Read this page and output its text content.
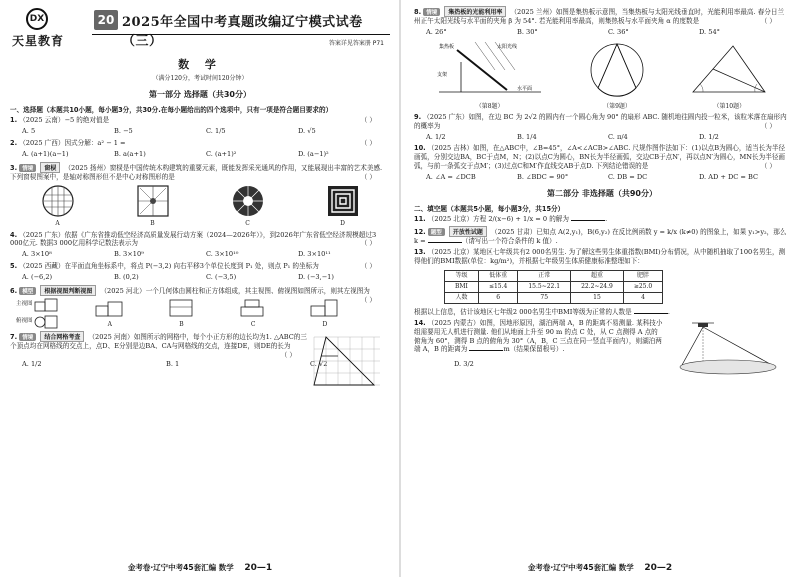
DX
天星教育
20 2025年全国中考真题改编辽宁模式试卷（三）	答案详见答案册 P71
数 学
（满分120分，考试时间120分钟）
第一部分 选择题（共30分）
一、选择题（本题共10小题，每小题3分，共30分.在每小题给出的四个选项中，只有一项是符合题目要求的）
1. （2025 云南）−5 的绝对值是	（ ）
A. 5	B. −5	C. 1/5	D. √5
2. （2025 广西）因式分解：a² − 1 =	（ ）
A. (a+1)(a−1)	B. a(a+1)	C. (a+1)²	D. (a−1)²
3. 情境 窗棂 （2025 扬州）窗棂是中国传统木构建筑的重要元素，既能发挥采光通风的作用，又能展现出丰富的艺术美感. 下列窗棂图案中，是轴对称图形但不是中心对称图形的是	（ ）
A	B	C	D
4. （2025 广东）依据《广东省推动低空经济高质量发展行动方案（2024—2026年）》，到2026年广东省低空经济规模超过3 000亿元. 数据3 000亿用科学记数法表示为	（ ）
A. 3×10⁸	B. 3×10⁹	C. 3×10¹⁰	D. 3×10¹¹
5. （2025 西藏）在平面直角坐标系中，将点 P(−3,2) 向右平移3个单位长度到 P₁ 处，则点 P₁ 的坐标为	（ ）
A. (−6,2)	B. (0,2)	C. (−3,5)	D. (−3,−1)
6. 模型 根据视图判断视图 （2025 河北）一个几何体由圆柱和正方体组成，其主视图、俯视图如图所示，则其左视图为
（ ）
主视图
俯视图	A	B	C	D
7. 情境 结合网格考查 （2025 河南）如图所示的网格中，每个小正方形的边长均为1. △ABC的三个顶点均在网格线的交点上，点D、E分别是边BA、CA与网格线的交点，连接DE，则DE的长为
（ ）
A. 1/2	B. 1	C. √2	D. 3/2
金考卷·辽宁中考45套汇编 数学 20—1
8. 情境 集热板的光能利用率 （2025 兰州）如图是集热板示意图，当集热板与太阳光线垂直时，光能利用率最高. 春分日兰州正午太阳光线与水平面的夹角 β 为 54°. 若光能利用率最高，则集热板与水平面夹角 α 的度数是	（ ）
A. 26°	B. 30°	C. 36°	D. 54°
集热板	太阳光线
支架
水平面
（第8题）	（第9题）	（第10题）
9. （2025 广东）如图，在边 BC 为 2√2 的圆内有一个圆心角为 90° 的扇形 ABC. 随机地往圆内投一粒米，该粒米落在扇形内的概率为	（ ）
A. 1/2	B. 1/4	C. π/4	D. 1/2
10. （2025 吉林）如图，在△ABC中，∠B=45°，∠A<∠ACB>∠ABC. 尺规作图作法如下：(1)以点B为圆心，适当长为半径画弧，分别交边BA，BC于点M，N；(2)以点C为圆心，BN长为半径画弧，交边CB于点N′，再以点N′为圆心，MN长为半径画弧，与前一条弧交于点M′；(3)过点C和M′作直线交AB于点D. 下列结论错误的是	（ ）
A. ∠A = ∠DCB	B. ∠BDC = 90°	C. DB = DC	D. AD + DC = BC
第二部分 非选择题（共90分）
二、填空题（本题共5小题，每小题3分，共15分）
11. （2025 北京）方程 2/(x−6) + 1/x = 0 的解为	.
12. 题型 开放性试题 （2025 甘肃）已知点 A(2,y₁)，B(6,y₂) 在反比例函数 y = k/x (k≠0) 的图象上，如果 y₁>y₂，那么 k =	（请写出一个符合条件的 k 值）.
13. （2025 北京）某地区七年级共有2 000名男生. 为了解这些男生体重指数(BMI)分布情况，从中随机抽取了100名男生，测得他们的BMI数据(单位：kg/m²)，并根据七年级男生体质健康标准整理如下：
等级	低体重	正常	超重	肥胖
BMI	≤15.4	15.5~22.1	22.2~24.9	≥25.0
人数	6	75	15	4
根据以上信息，估计该地区七年级2 000名男生中BMI等级为正常的人数是	.
14. （2025 内蒙古）如图，因地形原因，湖泊两端 A，B 的距离不易测量. 某科技小组需要用无人机进行测量. 他们从地面上升至 90 m 的点 C 处，从 C 点测得 A 点的俯角为 60°，测得 B 点的俯角为 30°（A，B，C 三点在同一竖直平面内），则湖泊两端 A，B 的距离为	m（结果保留根号）.
金考卷·辽宁中考45套汇编 数学 20—2
